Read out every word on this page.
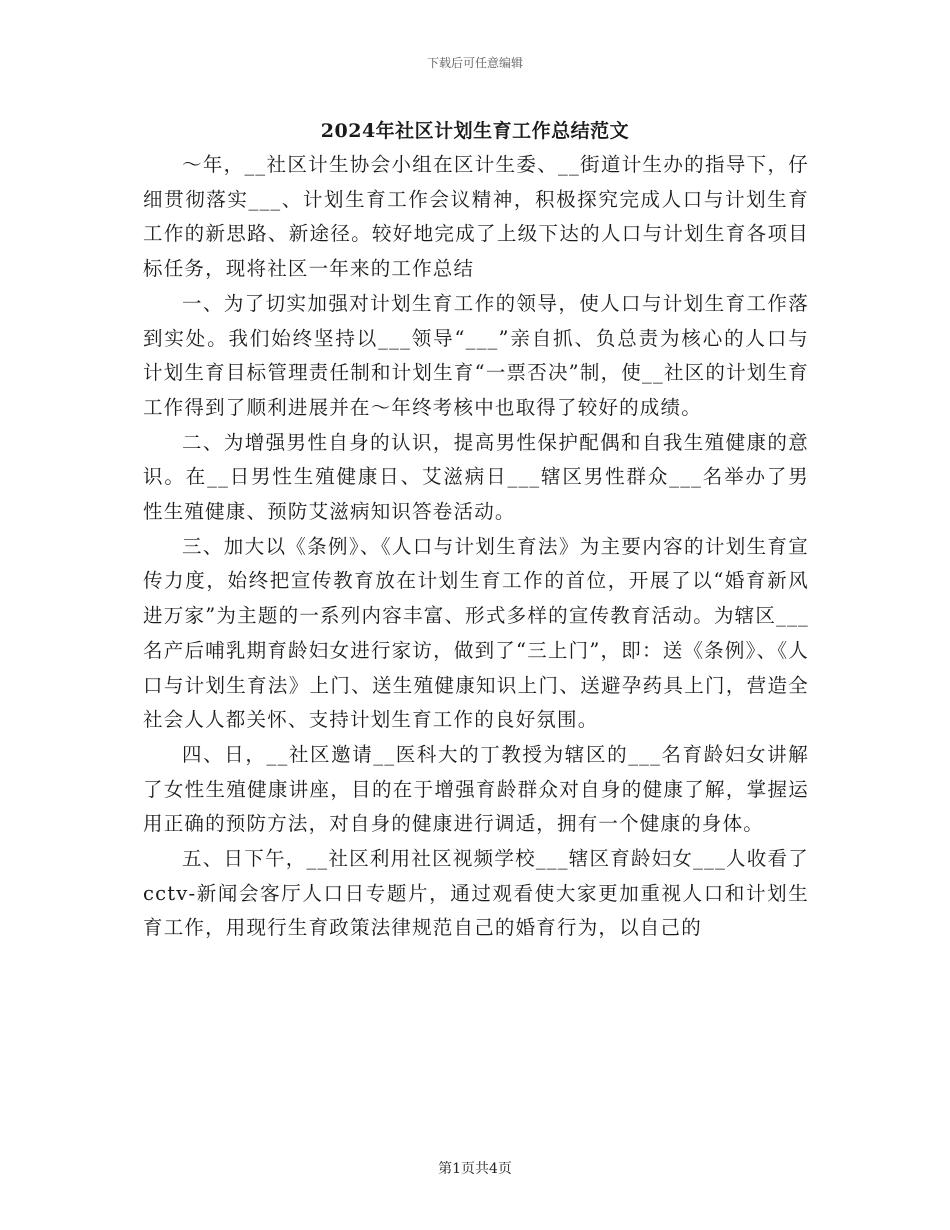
下载后可任意编辑
2024年社区计划生育工作总结范文

～年，__社区计生协会小组在区计生委、__街道计生办的指导下，仔细贯彻落实___、计划生育工作会议精神，积极探究完成人口与计划生育工作的新思路、新途径。较好地完成了上级下达的人口与计划生育各项目标任务，现将社区一年来的工作总结

一、为了切实加强对计划生育工作的领导，使人口与计划生育工作落到实处。我们始终坚持以___领导“___”亲自抓、负总责为核心的人口与计划生育目标管理责任制和计划生育“一票否决”制，使__社区的计划生育工作得到了顺利进展并在～年终考核中也取得了较好的成绩。

二、为增强男性自身的认识，提高男性保护配偶和自我生殖健康的意识。在__日男性生殖健康日、艾滋病日___辖区男性群众___名举办了男性生殖健康、预防艾滋病知识答卷活动。

三、加大以《条例》、《人口与计划生育法》为主要内容的计划生育宣传力度，始终把宣传教育放在计划生育工作的首位，开展了以“婚育新风进万家”为主题的一系列内容丰富、形式多样的宣传教育活动。为辖区___名产后哺乳期育龄妇女进行家访，做到了“三上门”，即：送《条例》、《人口与计划生育法》上门、送生殖健康知识上门、送避孕药具上门，营造全社会人人都关怀、支持计划生育工作的良好氛围。

四、日，__社区邀请__医科大的丁教授为辖区的___名育龄妇女讲解了女性生殖健康讲座，目的在于增强育龄群众对自身的健康了解，掌握运用正确的预防方法，对自身的健康进行调适，拥有一个健康的身体。

五、日下午，__社区利用社区视频学校___辖区育龄妇女___人收看了cctv-新闻会客厅人口日专题片，通过观看使大家更加重视人口和计划生育工作，用现行生育政策法律规范自己的婚育行为，以自己的

第1页共4页
